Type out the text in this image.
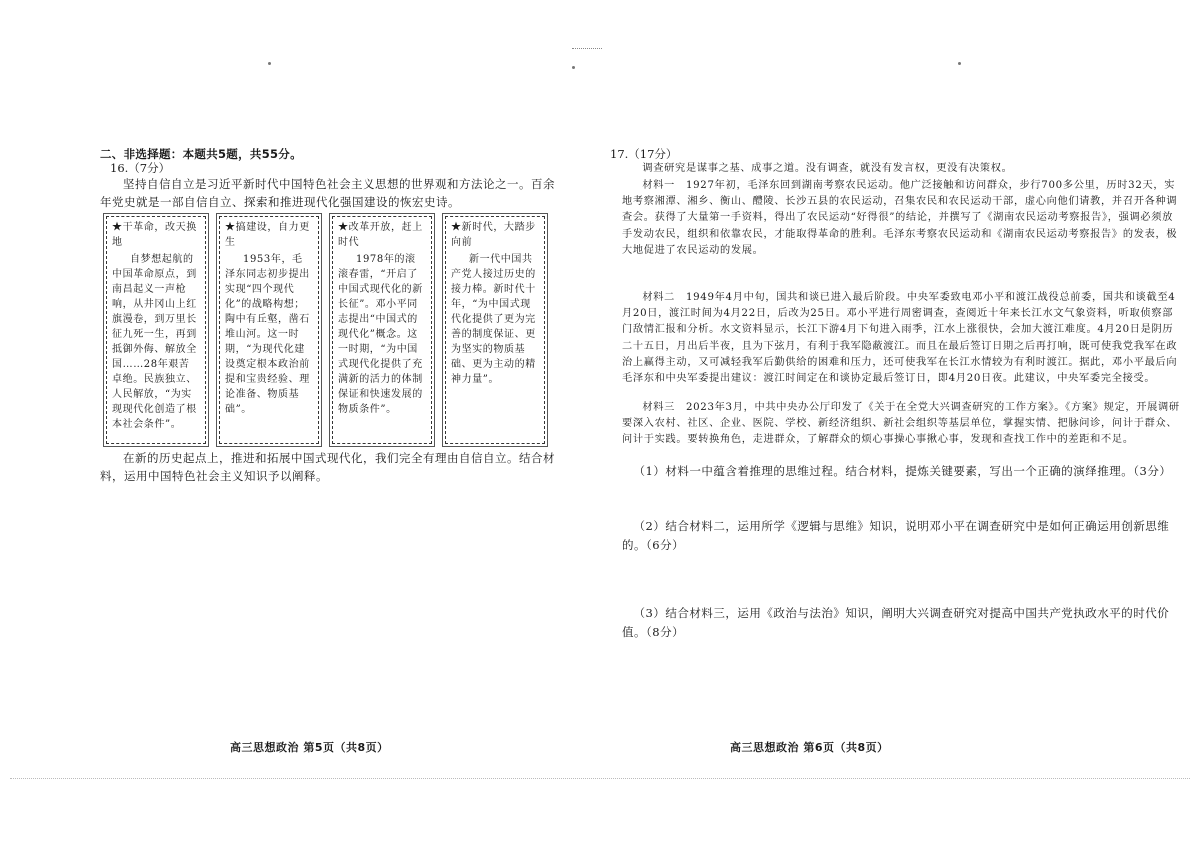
二、非选择题：本题共5题，共55分。
16.（7分）
坚持自信自立是习近平新时代中国特色社会主义思想的世界观和方法论之一。百余年党史就是一部自信自立、探索和推进现代化强国建设的恢宏史诗。
★干革命，改天换地
自梦想起航的中国革命原点，到南昌起义一声枪响，从井冈山上红旗漫卷，到万里长征九死一生，再到抵御外侮、解放全国……28年艰苦卓绝。民族独立、人民解放，“为实现现代化创造了根本社会条件”。
★搞建设，自力更生
1953年，毛泽东同志初步提出实现“四个现代化”的战略构想；陶中有丘壑，凿石堆山河。这一时期，“为现代化建设奠定根本政治前提和宝贵经验、理论准备、物质基础”。
★改革开放，赶上时代
1978年的滚滚春雷，“开启了中国式现代化的新长征”。邓小平同志提出“中国式的现代化”概念。这一时期，“为中国式现代化提供了充满新的活力的体制保证和快速发展的物质条件”。
★新时代，大踏步向前
新一代中国共产党人接过历史的接力棒。新时代十年，“为中国式现代化提供了更为完善的制度保证、更为坚实的物质基础、更为主动的精神力量”。
在新的历史起点上，推进和拓展中国式现代化，我们完全有理由自信自立。结合材料，运用中国特色社会主义知识予以阐释。
高三思想政治 第5页（共8页）
17.（17分）
调查研究是谋事之基、成事之道。没有调查，就没有发言权，更没有决策权。
材料一　1927年初，毛泽东回到湖南考察农民运动。他广泛接触和访问群众，步行700多公里，历时32天，实地考察湘潭、湘乡、衡山、醴陵、长沙五县的农民运动，召集农民和农民运动干部，虚心向他们请教，并召开各种调查会。获得了大量第一手资料，得出了农民运动“好得很”的结论，并撰写了《湖南农民运动考察报告》，强调必须放手发动农民，组织和依靠农民，才能取得革命的胜利。毛泽东考察农民运动和《湖南农民运动考察报告》的发表，极大地促进了农民运动的发展。
材料二　1949年4月中旬，国共和谈已进入最后阶段。中央军委致电邓小平和渡江战役总前委，国共和谈截至4月20日，渡江时间为4月22日，后改为25日。邓小平进行周密调查，查阅近十年来长江水文气象资料，听取侦察部门敌情汇报和分析。水文资料显示，长江下游4月下旬进入雨季，江水上涨很快，会加大渡江难度。4月20日是阴历二十五日，月出后半夜，且为下弦月，有利于我军隐蔽渡江。而且在最后签订日期之后再打响，既可使我党我军在政治上赢得主动，又可减轻我军后勤供给的困难和压力，还可使我军在长江水情较为有利时渡江。据此，邓小平最后向毛泽东和中央军委提出建议：渡江时间定在和谈协定最后签订日，即4月20日夜。此建议，中央军委完全接受。
材料三　2023年3月，中共中央办公厅印发了《关于在全党大兴调查研究的工作方案》。《方案》规定，开展调研要深入农村、社区、企业、医院、学校、新经济组织、新社会组织等基层单位，掌握实情、把脉问诊，问计于群众、问计于实践。要转换角色，走进群众，了解群众的烦心事操心事揪心事，发现和查找工作中的差距和不足。
（1）材料一中蕴含着推理的思维过程。结合材料，提炼关键要素，写出一个正确的演绎推理。（3分）
（2）结合材料二，运用所学《逻辑与思维》知识，说明邓小平在调查研究中是如何正确运用创新思维的。（6分）
（3）结合材料三，运用《政治与法治》知识，阐明大兴调查研究对提高中国共产党执政水平的时代价值。（8分）
高三思想政治 第6页（共8页）
